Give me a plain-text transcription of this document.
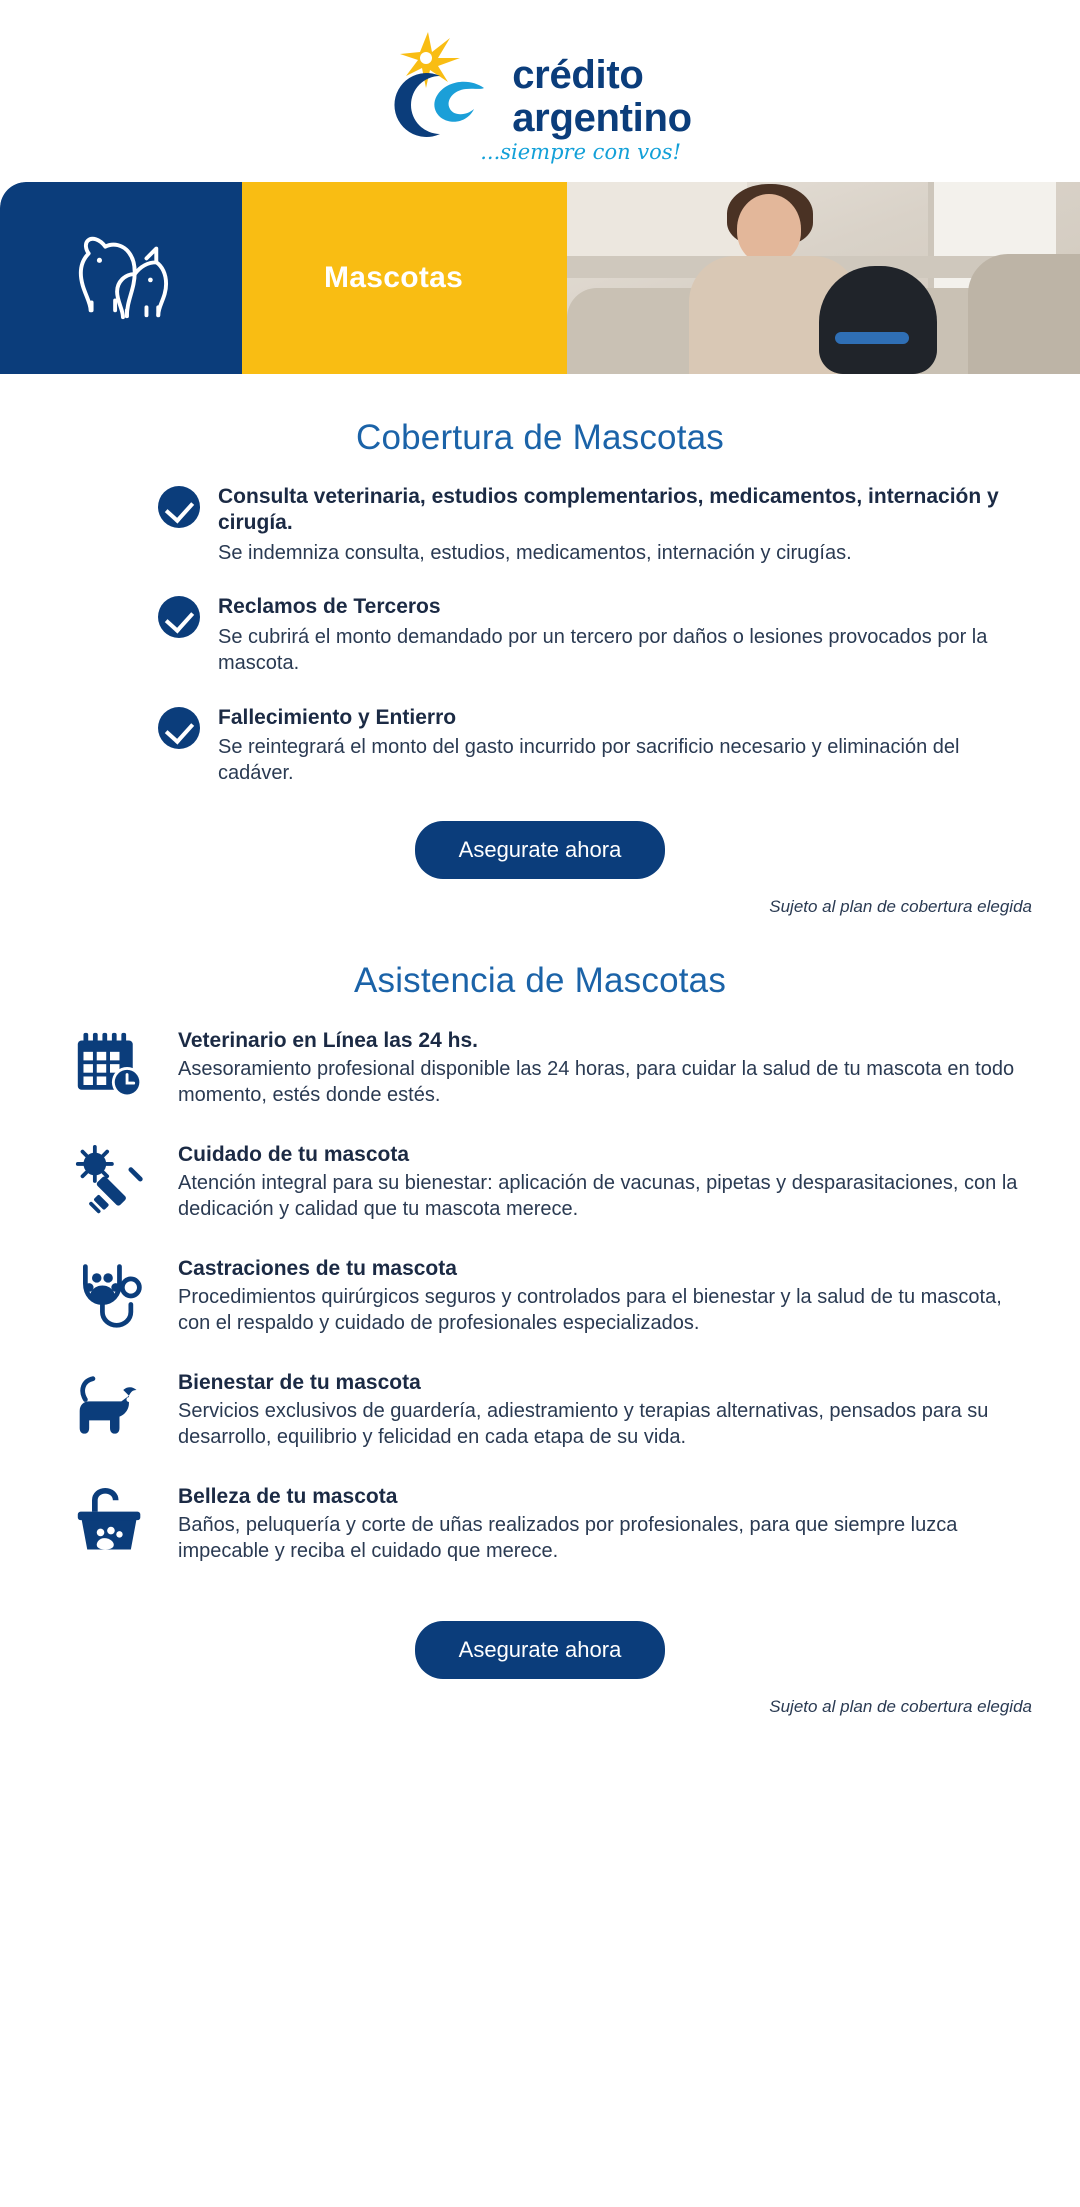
crédito
argentino
...siempre con vos!
Mascotas
Cobertura de Mascotas
Consulta veterinaria, estudios complementarios, medicamentos, internación y cirugía.
Se indemniza consulta, estudios, medicamentos, internación y cirugías.
Reclamos de Terceros
Se cubrirá el monto demandado por un tercero por daños o lesiones provocados por la mascota.
Fallecimiento y Entierro
Se reintegrará el monto del gasto incurrido por sacrificio necesario y eliminación del cadáver.
Asegurate ahora
Sujeto al plan de cobertura elegida
Asistencia de Mascotas
Veterinario en Línea las 24 hs.
Asesoramiento profesional disponible las 24 horas, para cuidar la salud de tu mascota en todo momento, estés donde estés.
Cuidado de tu mascota
Atención integral para su bienestar: aplicación de vacunas, pipetas y desparasitaciones, con la dedicación y calidad que tu mascota merece.
Castraciones de tu mascota
Procedimientos quirúrgicos seguros y controlados para el bienestar y la salud de tu mascota, con el respaldo y cuidado de profesionales especializados.
Bienestar de tu mascota
Servicios exclusivos de guardería, adiestramiento y terapias alternativas, pensados para su desarrollo, equilibrio y felicidad en cada etapa de su vida.
Belleza de tu mascota
Baños, peluquería y corte de uñas realizados por profesionales, para que siempre luzca impecable y reciba el cuidado que merece.
Asegurate ahora
Sujeto al plan de cobertura elegida
